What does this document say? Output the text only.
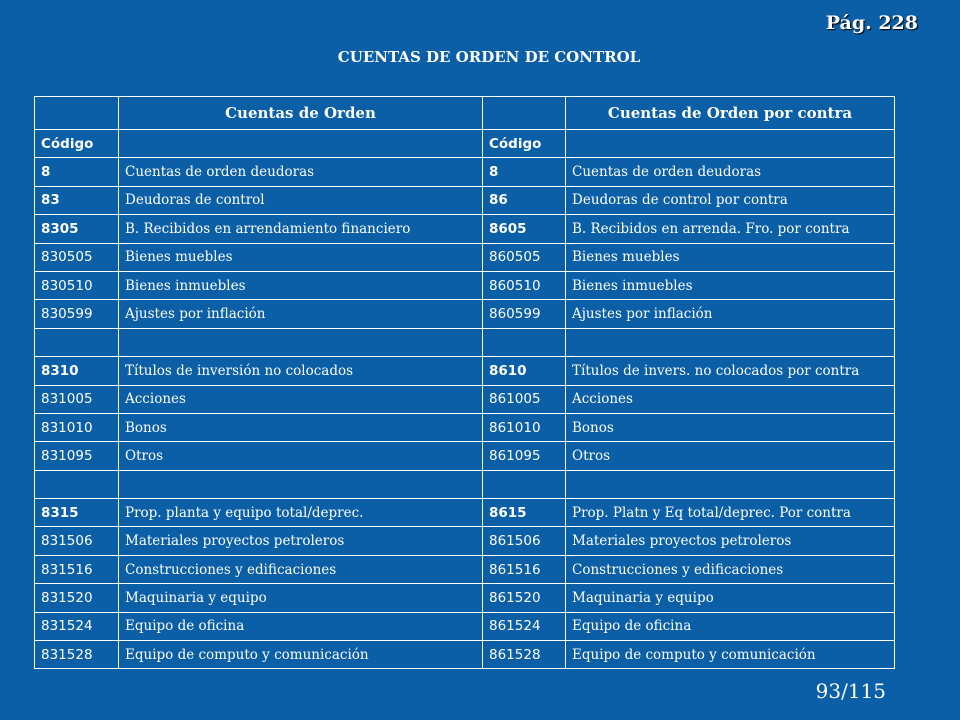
Pág. 228
CUENTAS DE ORDEN DE CONTROL
	Cuentas de Orden		Cuentas de Orden por contra
Código		Código	
8	Cuentas de orden deudoras	8	Cuentas de orden deudoras
83	Deudoras de control	86	Deudoras de control por contra
8305	B. Recibidos en arrendamiento financiero	8605	B. Recibidos en arrenda. Fro. por contra
830505	Bienes muebles	860505	Bienes muebles
830510	Bienes inmuebles	860510	Bienes inmuebles
830599	Ajustes por inflación	860599	Ajustes por inflación

8310	Títulos de inversión no colocados	8610	Títulos de invers. no colocados por contra
831005	Acciones	861005	Acciones
831010	Bonos	861010	Bonos
831095	Otros	861095	Otros

8315	Prop. planta y equipo total/deprec.	8615	Prop. Platn y Eq total/deprec. Por contra
831506	Materiales proyectos petroleros	861506	Materiales proyectos petroleros
831516	Construcciones y edificaciones	861516	Construcciones y edificaciones
831520	Maquinaria y equipo	861520	Maquinaria y equipo
831524	Equipo de oficina	861524	Equipo de oficina
831528	Equipo de computo y comunicación	861528	Equipo de computo y comunicación
93/115
